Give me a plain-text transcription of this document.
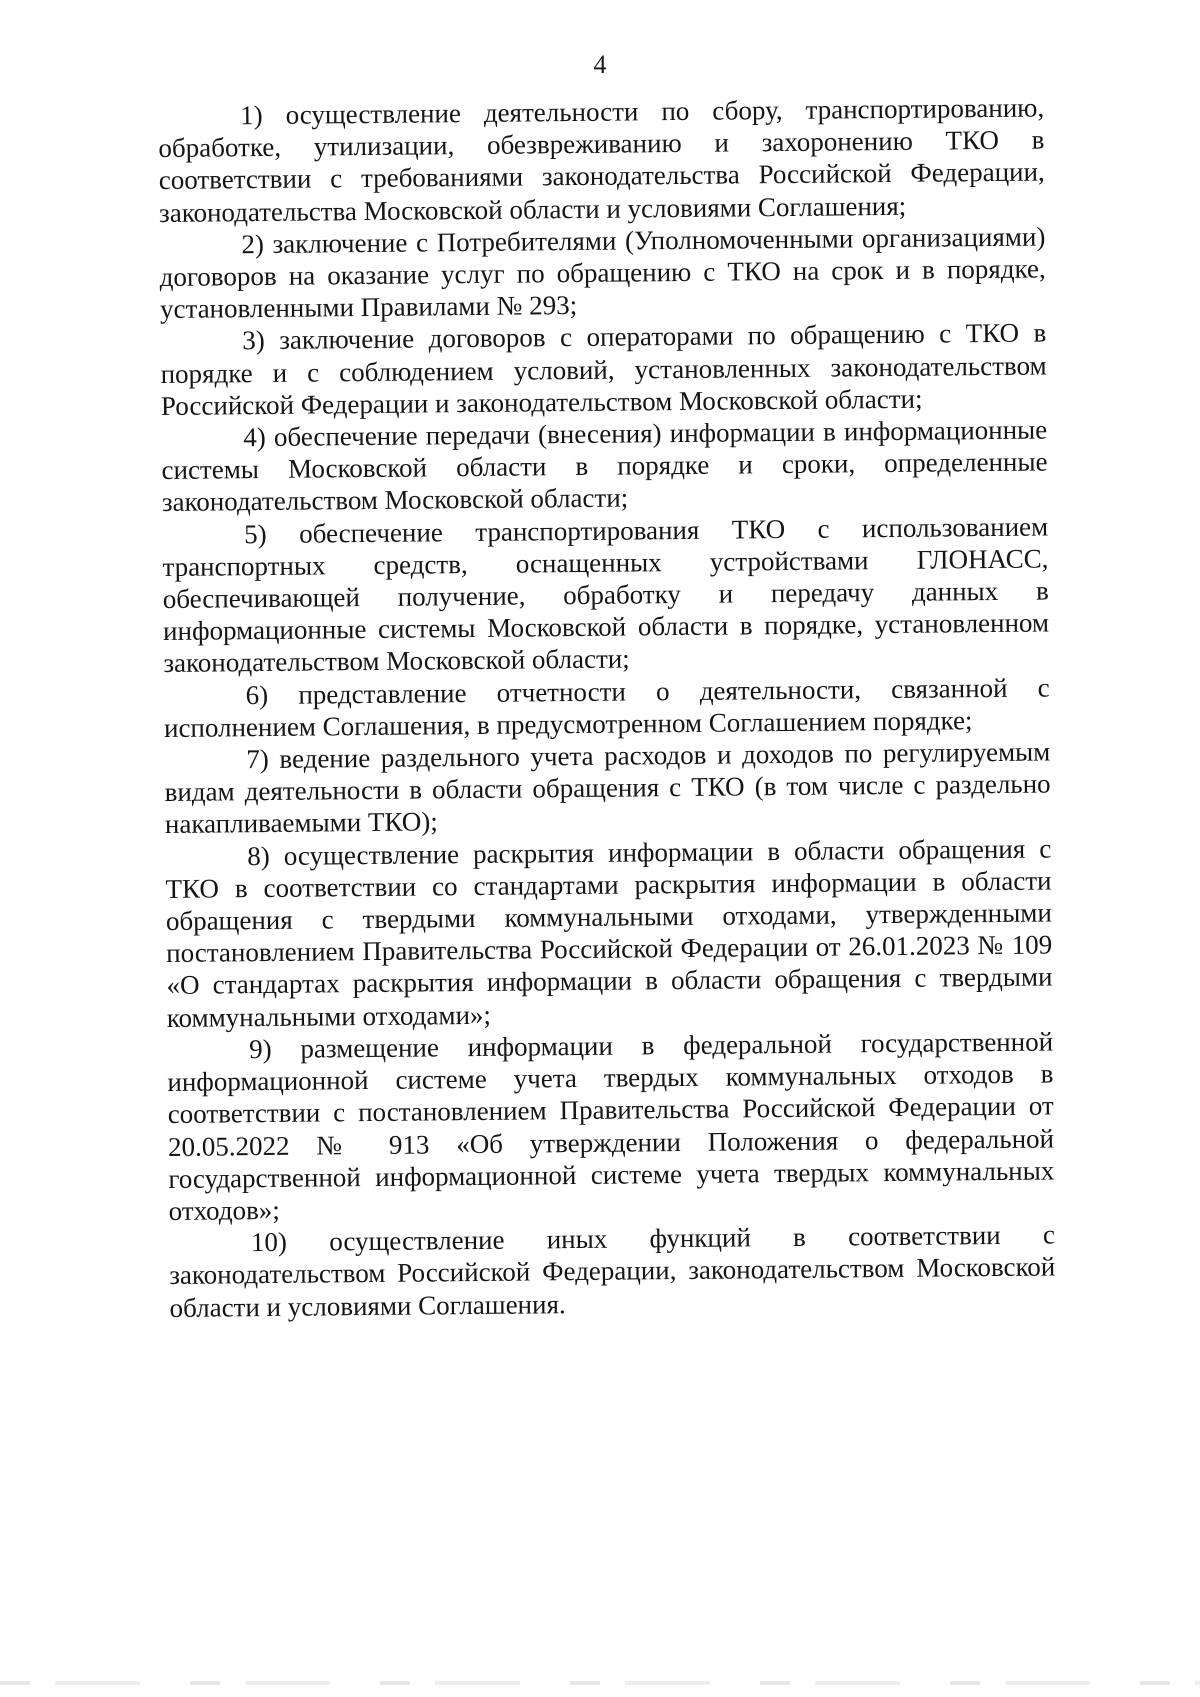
4

1) осуществление деятельности по сбору, транспортированию, обработке, утилизации, обезвреживанию и захоронению ТКО в соответствии с требованиями законодательства Российской Федерации, законодательства Московской области и условиями Соглашения;

2) заключение с Потребителями (Уполномоченными организациями) договоров на оказание услуг по обращению с ТКО на срок и в порядке, установленными Правилами № 293;

3) заключение договоров с операторами по обращению с ТКО в порядке и с соблюдением условий, установленных законодательством Российской Федерации и законодательством Московской области;

4) обеспечение передачи (внесения) информации в информационные системы Московской области в порядке и сроки, определенные законодательством Московской области;

5) обеспечение транспортирования ТКО с использованием транспортных средств, оснащенных устройствами ГЛОНАСС, обеспечивающей получение, обработку и передачу данных в информационные системы Московской области в порядке, установленном законодательством Московской области;

6) представление отчетности о деятельности, связанной с исполнением Соглашения, в предусмотренном Соглашением порядке;

7) ведение раздельного учета расходов и доходов по регулируемым видам деятельности в области обращения с ТКО (в том числе с раздельно накапливаемыми ТКО);

8) осуществление раскрытия информации в области обращения с ТКО в соответствии со стандартами раскрытия информации в области обращения с твердыми коммунальными отходами, утвержденными постановлением Правительства Российской Федерации от 26.01.2023 № 109 «О стандартах раскрытия информации в области обращения с твердыми коммунальными отходами»;

9) размещение информации в федеральной государственной информационной системе учета твердых коммунальных отходов в соответствии с постановлением Правительства Российской Федерации от 20.05.2022 № 913 «Об утверждении Положения о федеральной государственной информационной системе учета твердых коммунальных отходов»;

10) осуществление иных функций в соответствии с законодательством Российской Федерации, законодательством Московской области и условиями Соглашения.
